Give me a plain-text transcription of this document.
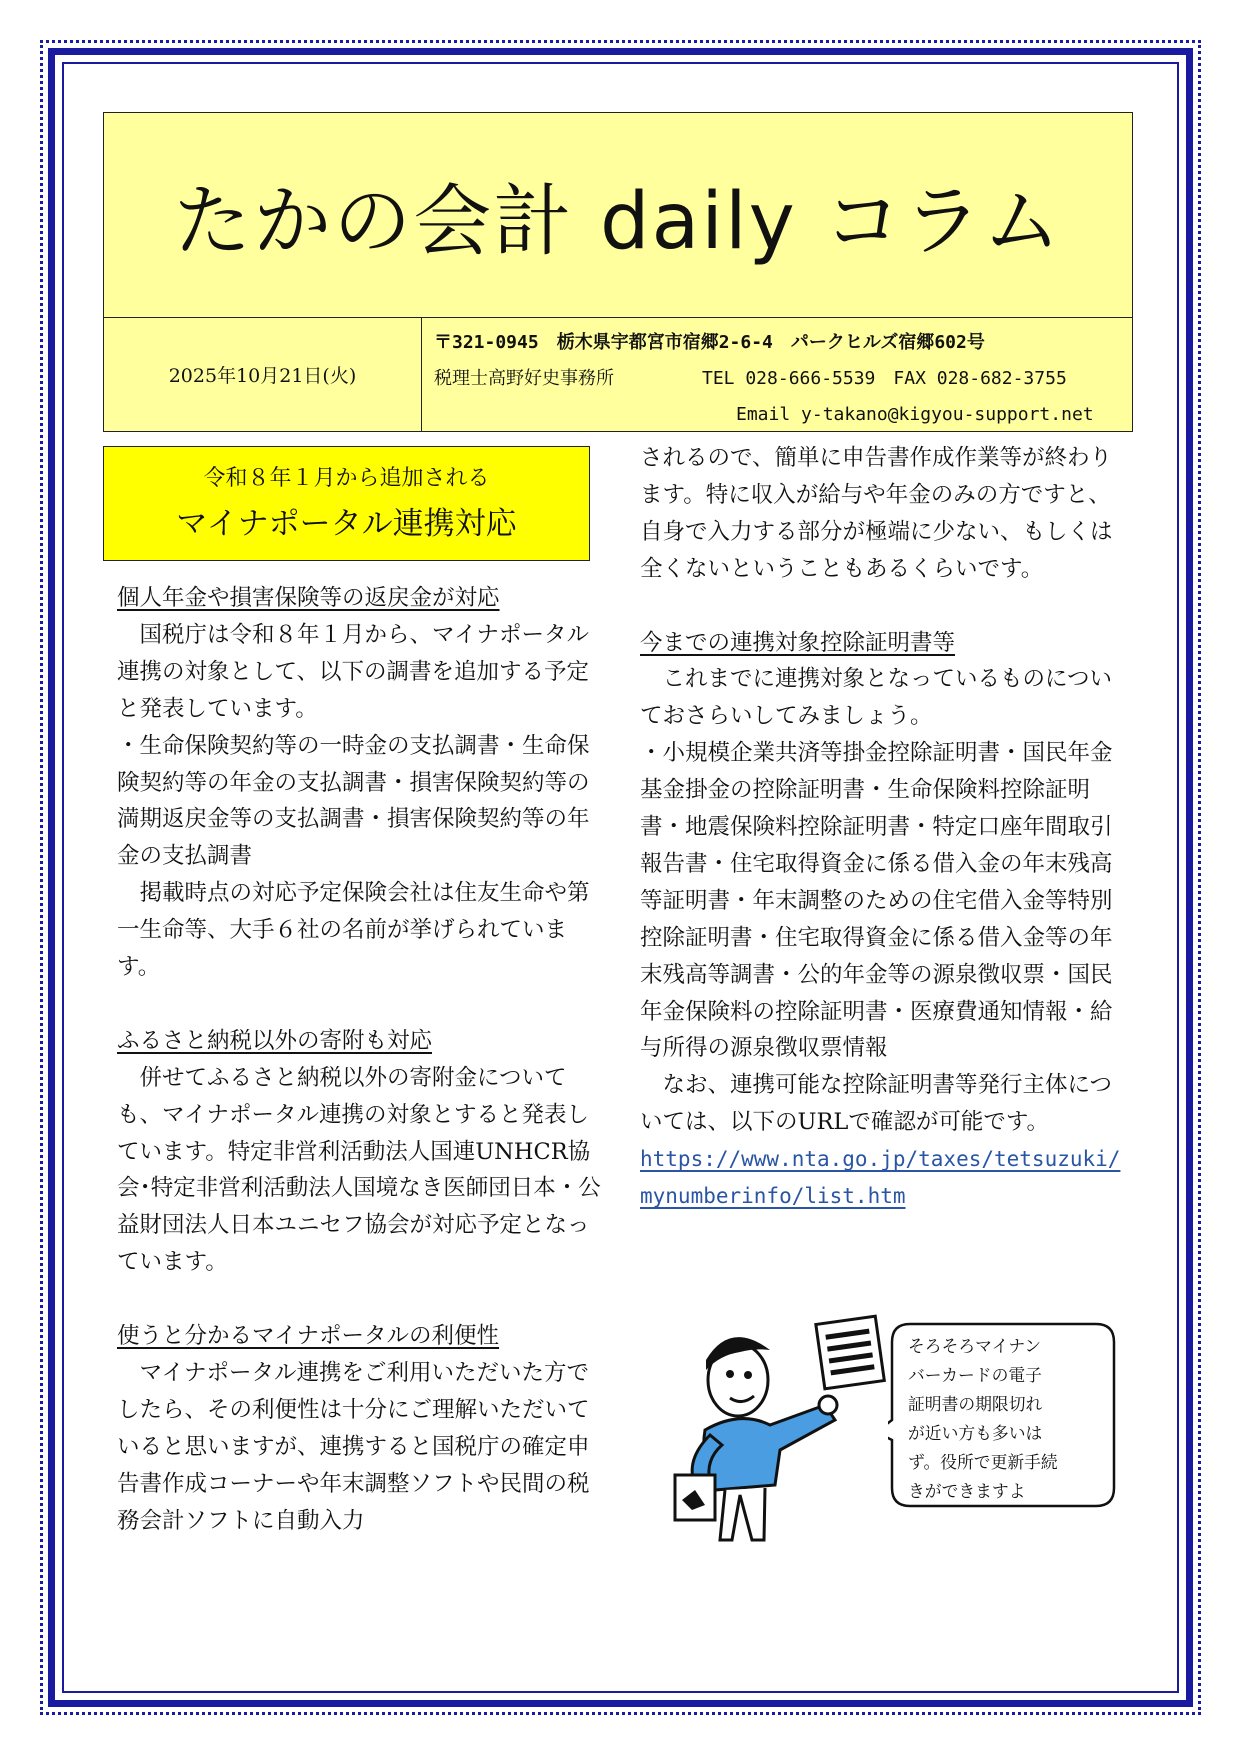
たかの会計 daily コラム
2025年10月21日(火)
〒321-0945　栃木県宇都宮市宿郷2-6-4　パークヒルズ宿郷602号
税理士高野好史事務所	TEL 028-666-5539　FAX 028-682-3755
Email y-takano@kigyou-support.net
令和８年１月から追加される
マイナポータル連携対応
個人年金や損害保険等の返戻金が対応
国税庁は令和８年１月から、マイナポータル連携の対象として、以下の調書を追加する予定と発表しています。
・生命保険契約等の一時金の支払調書・生命保険契約等の年金の支払調書・損害保険契約等の満期返戻金等の支払調書・損害保険契約等の年金の支払調書
掲載時点の対応予定保険会社は住友生命や第一生命等、大手６社の名前が挙げられています。
ふるさと納税以外の寄附も対応
併せてふるさと納税以外の寄附金についても、マイナポータル連携の対象とすると発表しています。特定非営利活動法人国連UNHCR協会･特定非営利活動法人国境なき医師団日本・公益財団法人日本ユニセフ協会が対応予定となっています。
使うと分かるマイナポータルの利便性
マイナポータル連携をご利用いただいた方でしたら、その利便性は十分にご理解いただいていると思いますが、連携すると国税庁の確定申告書作成コーナーや年末調整ソフトや民間の税務会計ソフトに自動入力
されるので、簡単に申告書作成作業等が終わります。特に収入が給与や年金のみの方ですと、自身で入力する部分が極端に少ない、もしくは全くないということもあるくらいです。
今までの連携対象控除証明書等
これまでに連携対象となっているものについておさらいしてみましょう。
・小規模企業共済等掛金控除証明書・国民年金基金掛金の控除証明書・生命保険料控除証明書・地震保険料控除証明書・特定口座年間取引報告書・住宅取得資金に係る借入金の年末残高等証明書・年末調整のための住宅借入金等特別控除証明書・住宅取得資金に係る借入金等の年末残高等調書・公的年金等の源泉徴収票・国民年金保険料の控除証明書・医療費通知情報・給与所得の源泉徴収票情報
なお、連携可能な控除証明書等発行主体については、以下のURLで確認が可能です。
https://www.nta.go.jp/taxes/tetsuzuki/
mynumberinfo/list.htm
そろそろマイナン
バーカードの電子
証明書の期限切れ
が近い方も多いは
ず。役所で更新手続
きができますよ
